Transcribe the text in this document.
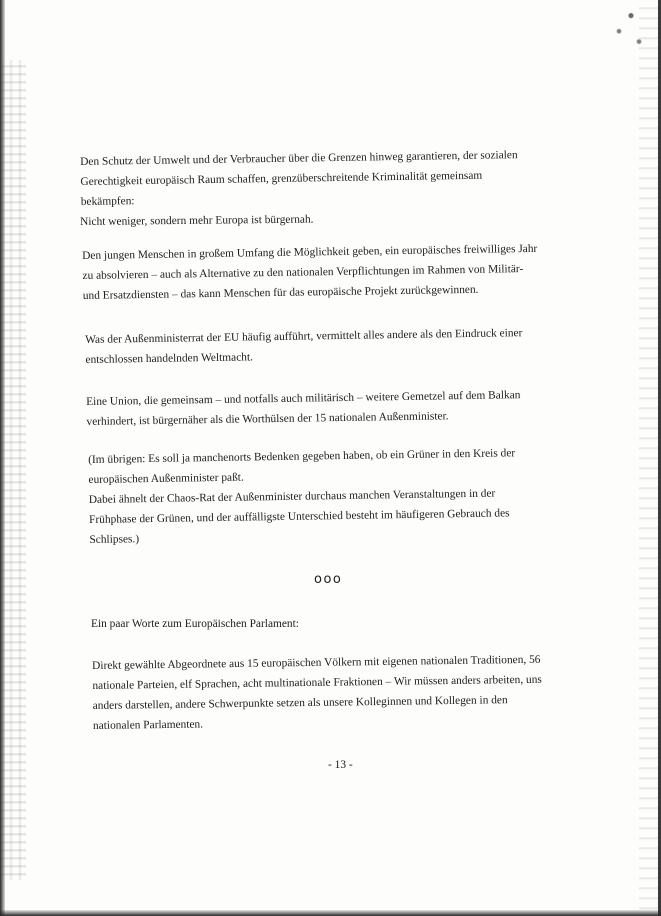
Den Schutz der Umwelt und der Verbraucher über die Grenzen hinweg garantieren, der sozialen
Gerechtigkeit europäisch Raum schaffen, grenzüberschreitende Kriminalität gemeinsam
bekämpfen:

Nicht weniger, sondern mehr Europa ist bürgernah.

Den jungen Menschen in großem Umfang die Möglichkeit geben, ein europäisches freiwilliges Jahr
zu absolvieren – auch als Alternative zu den nationalen Verpflichtungen im Rahmen von Militär-
und Ersatzdiensten – das kann Menschen für das europäische Projekt zurückgewinnen.

Was der Außenministerrat der EU häufig aufführt, vermittelt alles andere als den Eindruck einer
entschlossen handelnden Weltmacht.

Eine Union, die gemeinsam – und notfalls auch militärisch – weitere Gemetzel auf dem Balkan
verhindert, ist bürgernäher als die Worthülsen der 15 nationalen Außenminister.

(Im übrigen: Es soll ja manchenorts Bedenken gegeben haben, ob ein Grüner in den Kreis der
europäischen Außenminister paßt.
Dabei ähnelt der Chaos-Rat der Außenminister durchaus manchen Veranstaltungen in der
Frühphase der Grünen, und der auffälligste Unterschied besteht im häufigeren Gebrauch des
Schlipses.)

ooo

Ein paar Worte zum Europäischen Parlament:

Direkt gewählte Abgeordnete aus 15 europäischen Völkern mit eigenen nationalen Traditionen, 56
nationale Parteien, elf Sprachen, acht multinationale Fraktionen – Wir müssen anders arbeiten, uns
anders darstellen, andere Schwerpunkte setzen als unsere Kolleginnen und Kollegen in den
nationalen Parlamenten.

- 13 -
